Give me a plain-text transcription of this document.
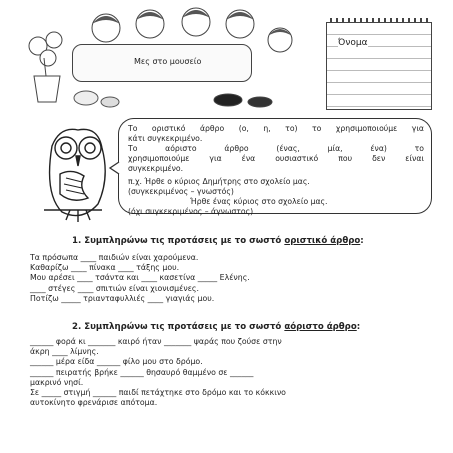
Μες στο μουσείο
Όνομα

Το οριστικό άρθρο (ο, η, το) το χρησιμοποιούμε για

κάτι συγκεκριμένο.

Το αόριστο άρθρο (ένας, μία, ένα) το

χρησιμοποιούμε για ένα ουσιαστικό που δεν είναι

συγκεκριμένο.

π.χ. Ήρθε ο κύριος Δημήτρης στο σχολείο μας.

(συγκεκριμένος – γνωστός)

Ήρθε ένας κύριος στο σχολείο μας.

(όχι συγκεκριμένος – άγνωστος)

1. Συμπληρώνω τις προτάσεις με το σωστό οριστικό άρθρο:
Τα πρόσωπα ____ παιδιών είναι χαρούμενα.
Καθαρίζω ____ πίνακα ____ τάξης μου.
Μου αρέσει ____ τσάντα και ____ κασετίνα _____ Ελένης.
____ στέγες ____ σπιτιών είναι χιονισμένες.
Ποτίζω _____ τριανταφυλλιές ____ γιαγιάς μου.
2. Συμπληρώνω τις προτάσεις με το σωστό αόριστο άρθρο:
______ φορά κι _______ καιρό ήταν _______ ψαράς που ζούσε στην
άκρη ____ λίμνης.
______ μέρα είδα ______ φίλο μου στο δρόμο.
______ πειρατής βρήκε ______ θησαυρό θαμμένο σε ______
μακρινό νησί.
Σε _____ στιγμή ______ παιδί πετάχτηκε στο δρόμο και το κόκκινο
αυτοκίνητο φρενάρισε απότομα.
